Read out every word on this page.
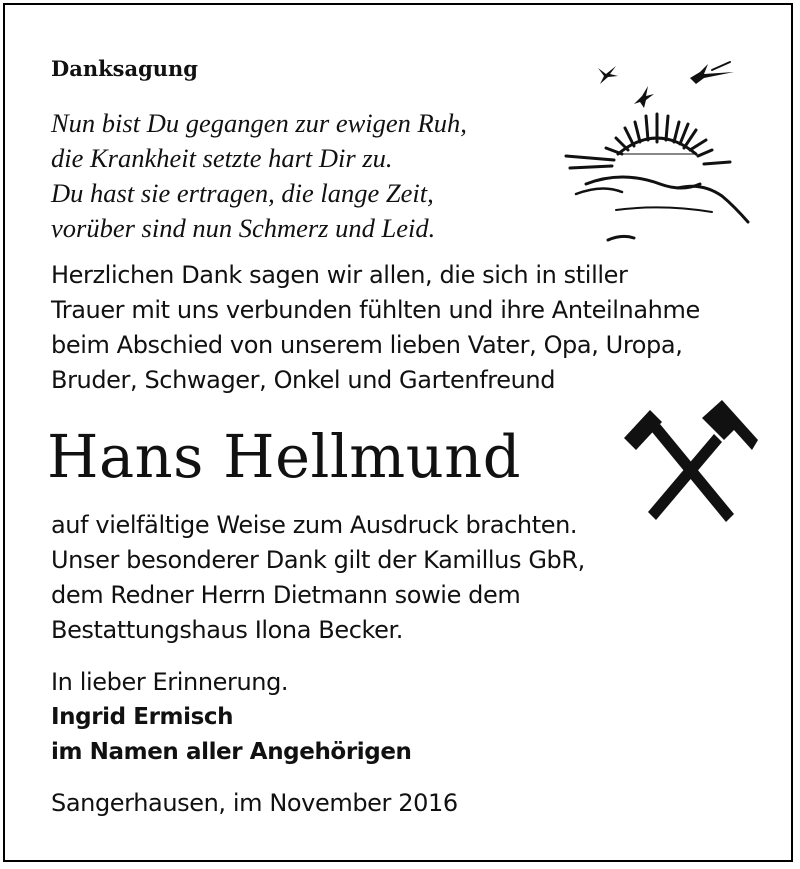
Danksagung
Nun bist Du gegangen zur ewigen Ruh,
die Krankheit setzte hart Dir zu.
Du hast sie ertragen, die lange Zeit,
vorüber sind nun Schmerz und Leid.
Herzlichen Dank sagen wir allen, die sich in stiller
Trauer mit uns verbunden fühlten und ihre Anteilnahme
beim Abschied von unserem lieben Vater, Opa, Uropa,
Bruder, Schwager, Onkel und Gartenfreund
Hans Hellmund
auf vielfältige Weise zum Ausdruck brachten.
Unser besonderer Dank gilt der Kamillus GbR,
dem Redner Herrn Dietmann sowie dem
Bestattungshaus Ilona Becker.
In lieber Erinnerung.
Ingrid Ermisch
im Namen aller Angehörigen
Sangerhausen, im November 2016
